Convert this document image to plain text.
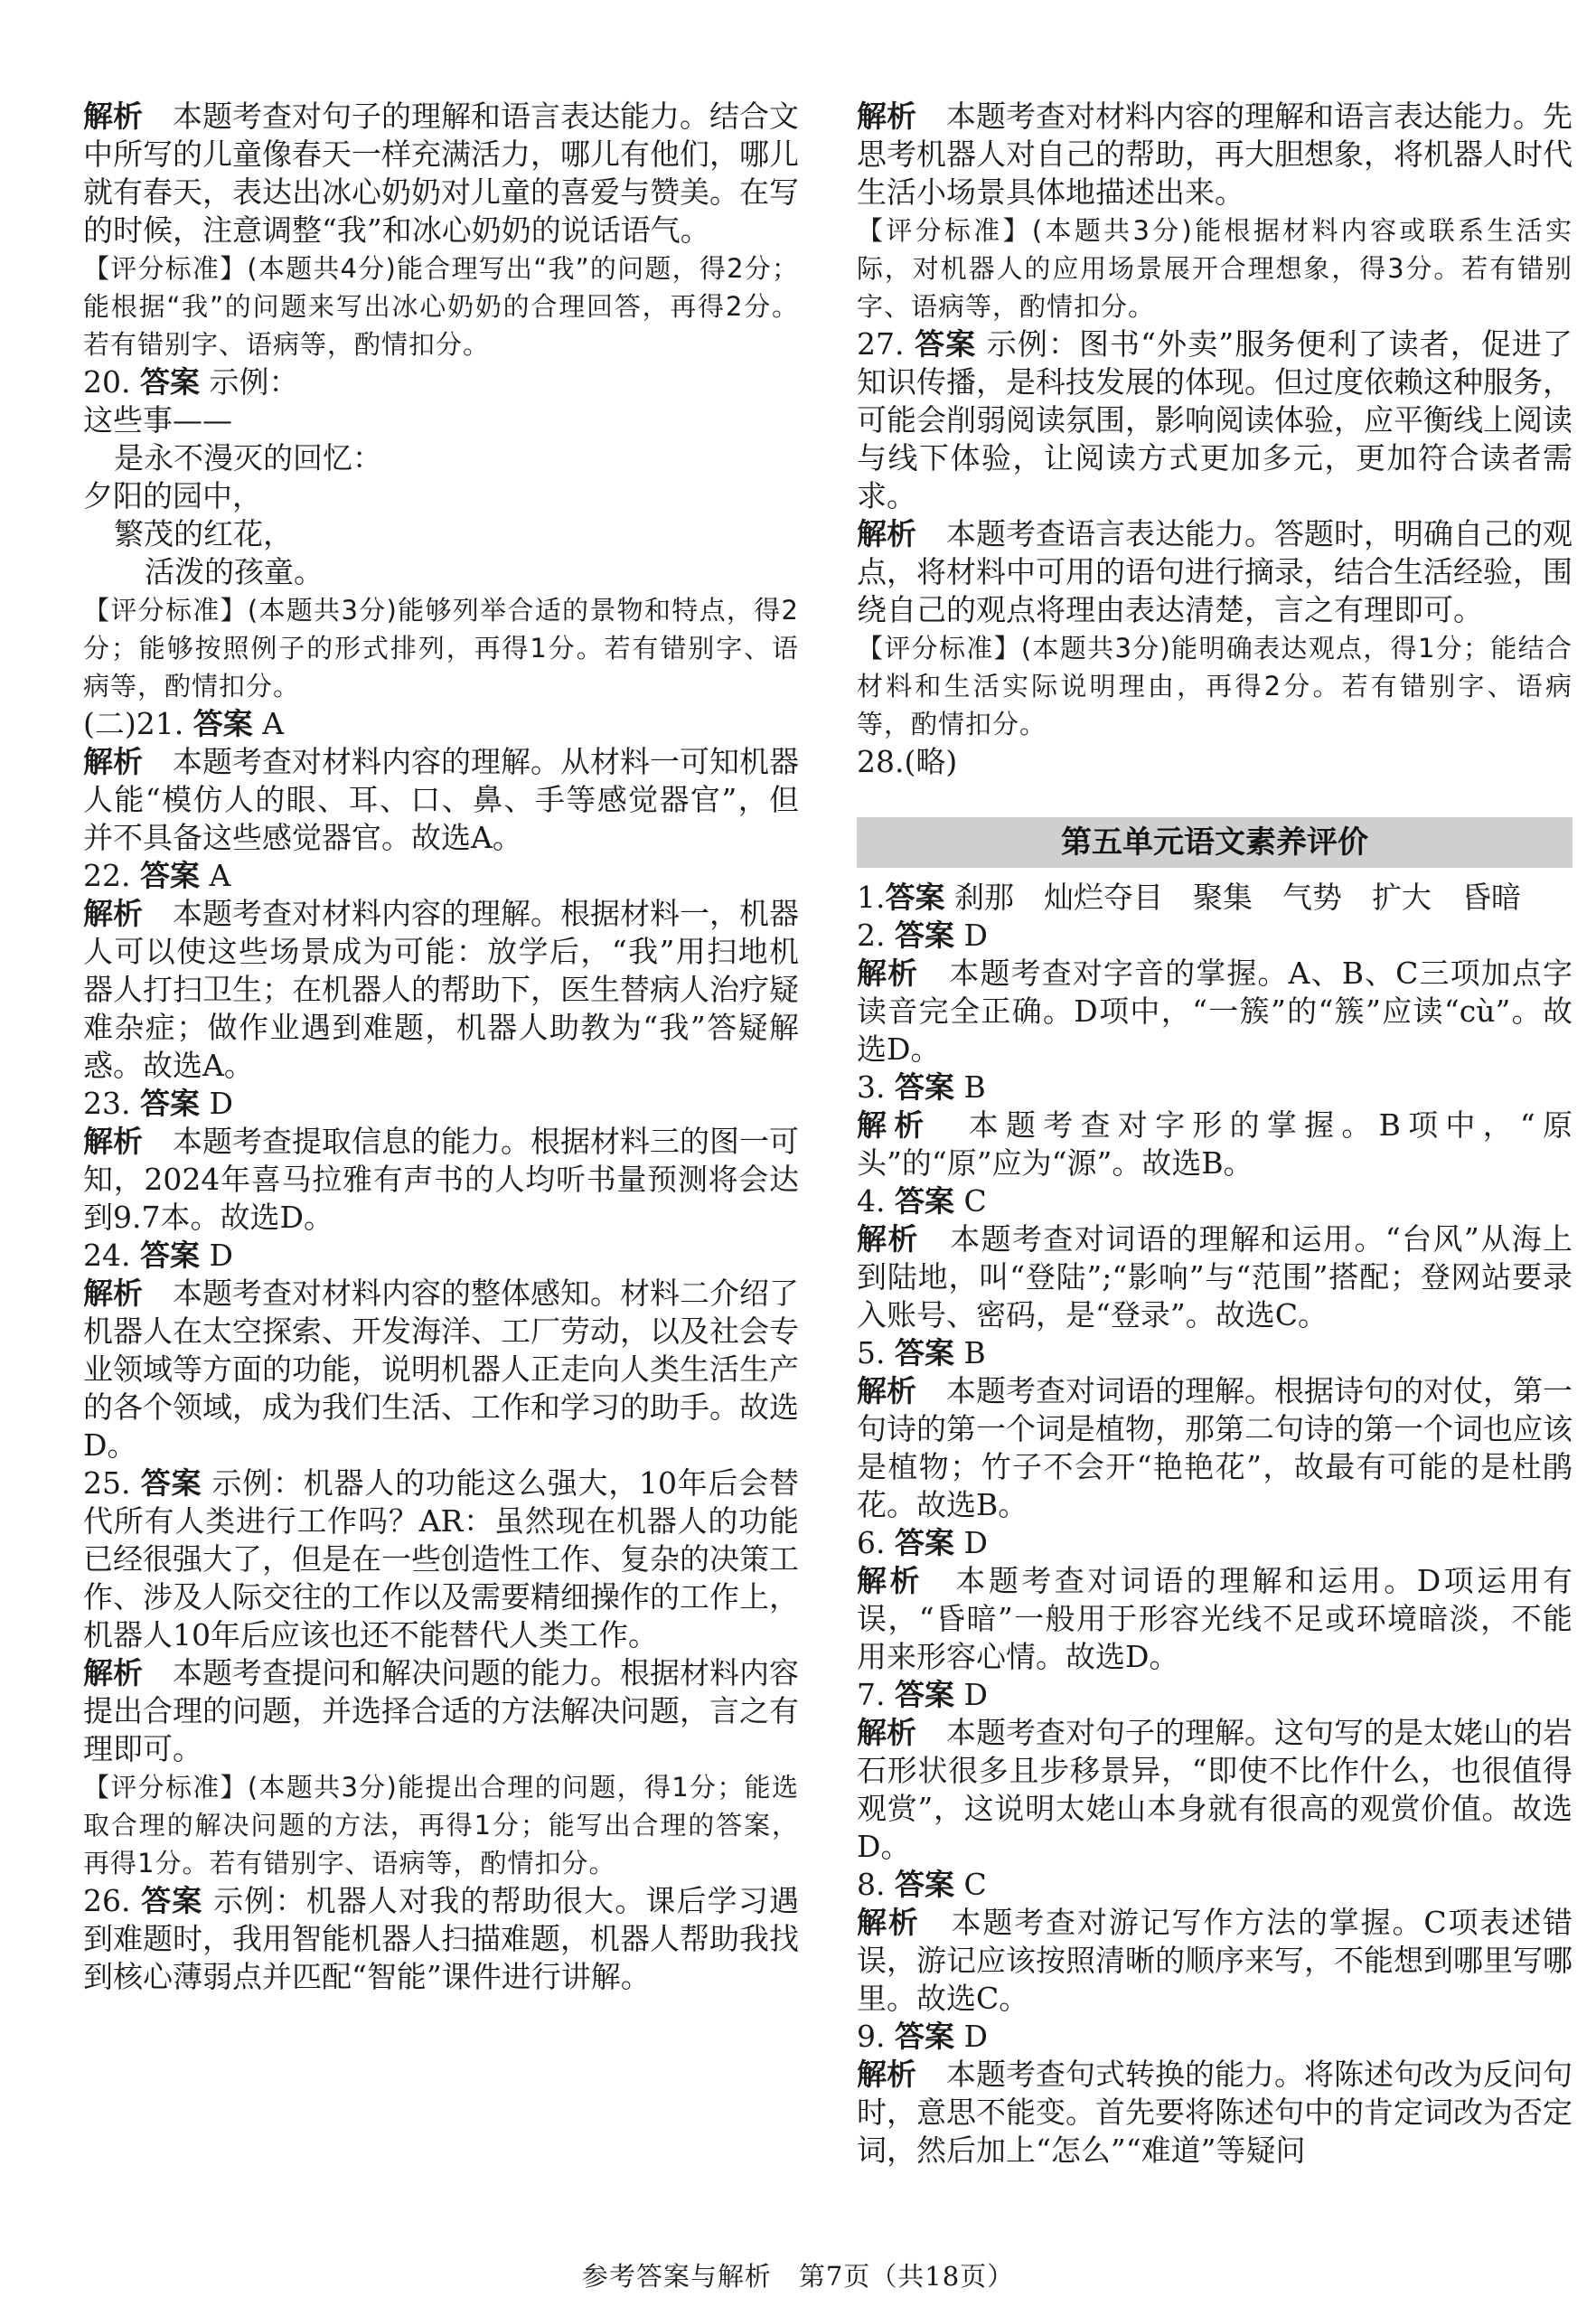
解析　 本题考查对句子的理解和语言表达能力。结合文中所写的儿童像春天一样充满活力，哪儿有他们，哪儿就有春天，表达出冰心奶奶对儿童的喜爱与赞美。在写的时候，注意调整“我”和冰心奶奶的说话语气。

【评分标准】(本题共4分)能合理写出“我”的问题，得2分；能根据“我”的问题来写出冰心奶奶的合理回答，再得2分。若有错别字、语病等，酌情扣分。

20. 答案 示例：

这些事——

是永不漫灭的回忆：

夕阳的园中，

繁茂的红花，

活泼的孩童。

【评分标准】(本题共3分)能够列举合适的景物和特点，得2分；能够按照例子的形式排列，再得1分。若有错别字、语病等，酌情扣分。

(二)21. 答案 A

解析　 本题考查对材料内容的理解。从材料一可知机器人能“模仿人的眼、耳、口、鼻、手等感觉器官”，但并不具备这些感觉器官。故选A。

22. 答案 A

解析　 本题考查对材料内容的理解。根据材料一，机器人可以使这些场景成为可能：放学后，“我”用扫地机器人打扫卫生；在机器人的帮助下，医生替病人治疗疑难杂症；做作业遇到难题，机器人助教为“我”答疑解惑。故选A。

23. 答案 D

解析　 本题考查提取信息的能力。根据材料三的图一可知，2024年喜马拉雅有声书的人均听书量预测将会达到9.7本。故选D。

24. 答案 D

解析　 本题考查对材料内容的整体感知。材料二介绍了机器人在太空探索、开发海洋、工厂劳动，以及社会专业领域等方面的功能，说明机器人正走向人类生活生产的各个领域，成为我们生活、工作和学习的助手。故选D。

25. 答案 示例：机器人的功能这么强大，10年后会替代所有人类进行工作吗？AR：虽然现在机器人的功能已经很强大了，但是在一些创造性工作、复杂的决策工作、涉及人际交往的工作以及需要精细操作的工作上，机器人10年后应该也还不能替代人类工作。

解析　 本题考查提问和解决问题的能力。根据材料内容提出合理的问题，并选择合适的方法解决问题，言之有理即可。

【评分标准】(本题共3分)能提出合理的问题，得1分；能选取合理的解决问题的方法，再得1分；能写出合理的答案，再得1分。若有错别字、语病等，酌情扣分。

26. 答案 示例：机器人对我的帮助很大。课后学习遇到难题时，我用智能机器人扫描难题，机器人帮助我找到核心薄弱点并匹配“智能”课件进行讲解。

解析　 本题考查对材料内容的理解和语言表达能力。先思考机器人对自己的帮助，再大胆想象，将机器人时代生活小场景具体地描述出来。

【评分标准】(本题共3分)能根据材料内容或联系生活实际，对机器人的应用场景展开合理想象，得3分。若有错别字、语病等，酌情扣分。

27. 答案 示例：图书“外卖”服务便利了读者，促进了知识传播，是科技发展的体现。但过度依赖这种服务，可能会削弱阅读氛围，影响阅读体验，应平衡线上阅读与线下体验，让阅读方式更加多元，更加符合读者需求。

解析　 本题考查语言表达能力。答题时，明确自己的观点，将材料中可用的语句进行摘录，结合生活经验，围绕自己的观点将理由表达清楚，言之有理即可。

【评分标准】(本题共3分)能明确表达观点，得1分；能结合材料和生活实际说明理由，再得2分。若有错别字、语病等，酌情扣分。

28.(略)

第五单元语文素养评价

1.答案 刹那　灿烂夺目　聚集　气势　扩大　昏暗

2. 答案 D

解析　 本题考查对字音的掌握。A、B、C三项加点字读音完全正确。D项中，“一簇”的“簇”应读“cù”。故选D。

3. 答案 B

解析　 本题考查对字形的掌握。B项中，“原头”的“原”应为“源”。故选B。

4. 答案 C

解析　 本题考查对词语的理解和运用。“台风”从海上到陆地，叫“登陆”;“影响”与“范围”搭配；登网站要录入账号、密码，是“登录”。故选C。

5. 答案 B

解析　 本题考查对词语的理解。根据诗句的对仗，第一句诗的第一个词是植物，那第二句诗的第一个词也应该是植物；竹子不会开“艳艳花”，故最有可能的是杜鹃花。故选B。

6. 答案 D

解析　 本题考查对词语的理解和运用。D项运用有误，“昏暗”一般用于形容光线不足或环境暗淡，不能用来形容心情。故选D。

7. 答案 D

解析　 本题考查对句子的理解。这句写的是太姥山的岩石形状很多且步移景异，“即使不比作什么，也很值得观赏”，这说明太姥山本身就有很高的观赏价值。故选D。

8. 答案 C

解析　 本题考查对游记写作方法的掌握。C项表述错误，游记应该按照清晰的顺序来写，不能想到哪里写哪里。故选C。

9. 答案 D

解析　 本题考查句式转换的能力。将陈述句改为反问句时，意思不能变。首先要将陈述句中的肯定词改为否定词，然后加上“怎么”“难道”等疑问

参考答案与解析　第7页（共18页）
